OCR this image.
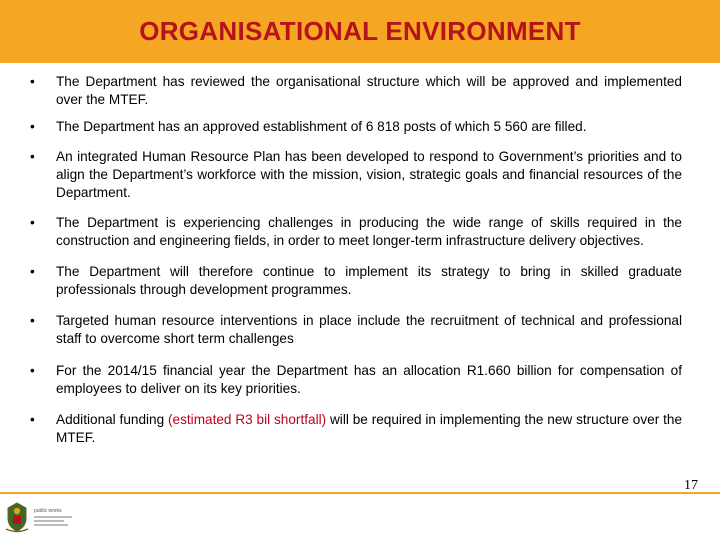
ORGANISATIONAL ENVIRONMENT
•	The Department has reviewed the organisational structure which will be approved and implemented over the MTEF.
•	The Department has an approved establishment of 6 818 posts of which 5 560 are filled.
•	An integrated Human Resource Plan has been developed to respond to Government’s priorities and to align the Department’s workforce with the mission, vision, strategic goals and financial resources of the Department.
•	The Department is experiencing challenges in producing the wide range of skills required in the construction and engineering fields, in order to meet longer-term infrastructure delivery objectives.
•	The Department will therefore continue to implement its strategy to bring in skilled graduate professionals through development programmes.
•	Targeted human resource interventions in place include the recruitment of technical and professional staff to overcome short term challenges
•	For the 2014/15 financial year the Department has an allocation R1.660 billion for compensation of employees to deliver on its key priorities.
•	Additional funding (estimated R3 bil shortfall) will be required in implementing the new structure over the MTEF.
public works
17
